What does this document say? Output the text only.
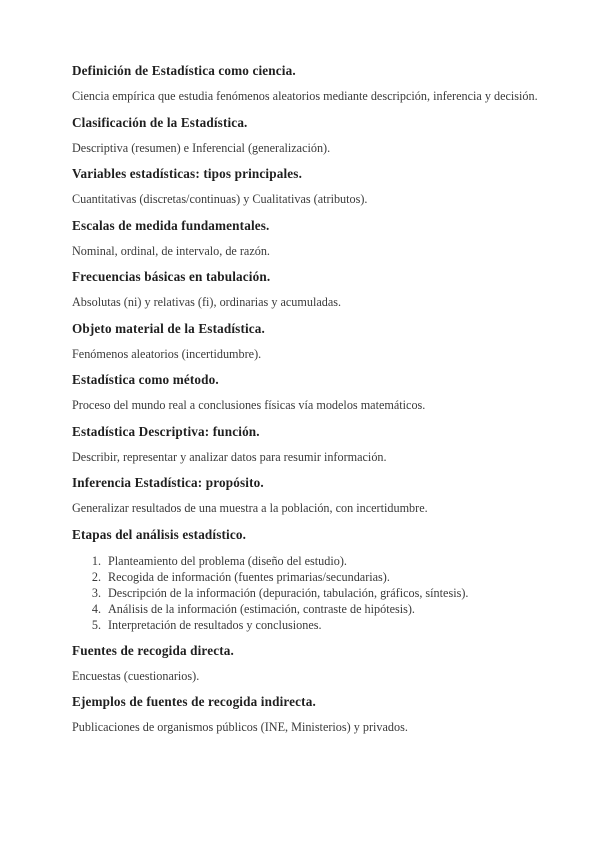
Definición de Estadística como ciencia.

Ciencia empírica que estudia fenómenos aleatorios mediante descripción, inferencia y decisión.

Clasificación de la Estadística.

Descriptiva (resumen) e Inferencial (generalización).

Variables estadísticas: tipos principales.

Cuantitativas (discretas/continuas) y Cualitativas (atributos).

Escalas de medida fundamentales.

Nominal, ordinal, de intervalo, de razón.

Frecuencias básicas en tabulación.

Absolutas (ni) y relativas (fi), ordinarias y acumuladas.

Objeto material de la Estadística.

Fenómenos aleatorios (incertidumbre).

Estadística como método.

Proceso del mundo real a conclusiones físicas vía modelos matemáticos.

Estadística Descriptiva: función.

Describir, representar y analizar datos para resumir información.

Inferencia Estadística: propósito.

Generalizar resultados de una muestra a la población, con incertidumbre.

Etapas del análisis estadístico.

1. Planteamiento del problema (diseño del estudio).
2. Recogida de información (fuentes primarias/secundarias).
3. Descripción de la información (depuración, tabulación, gráficos, síntesis).
4. Análisis de la información (estimación, contraste de hipótesis).
5. Interpretación de resultados y conclusiones.

Fuentes de recogida directa.

Encuestas (cuestionarios).

Ejemplos de fuentes de recogida indirecta.

Publicaciones de organismos públicos (INE, Ministerios) y privados.
